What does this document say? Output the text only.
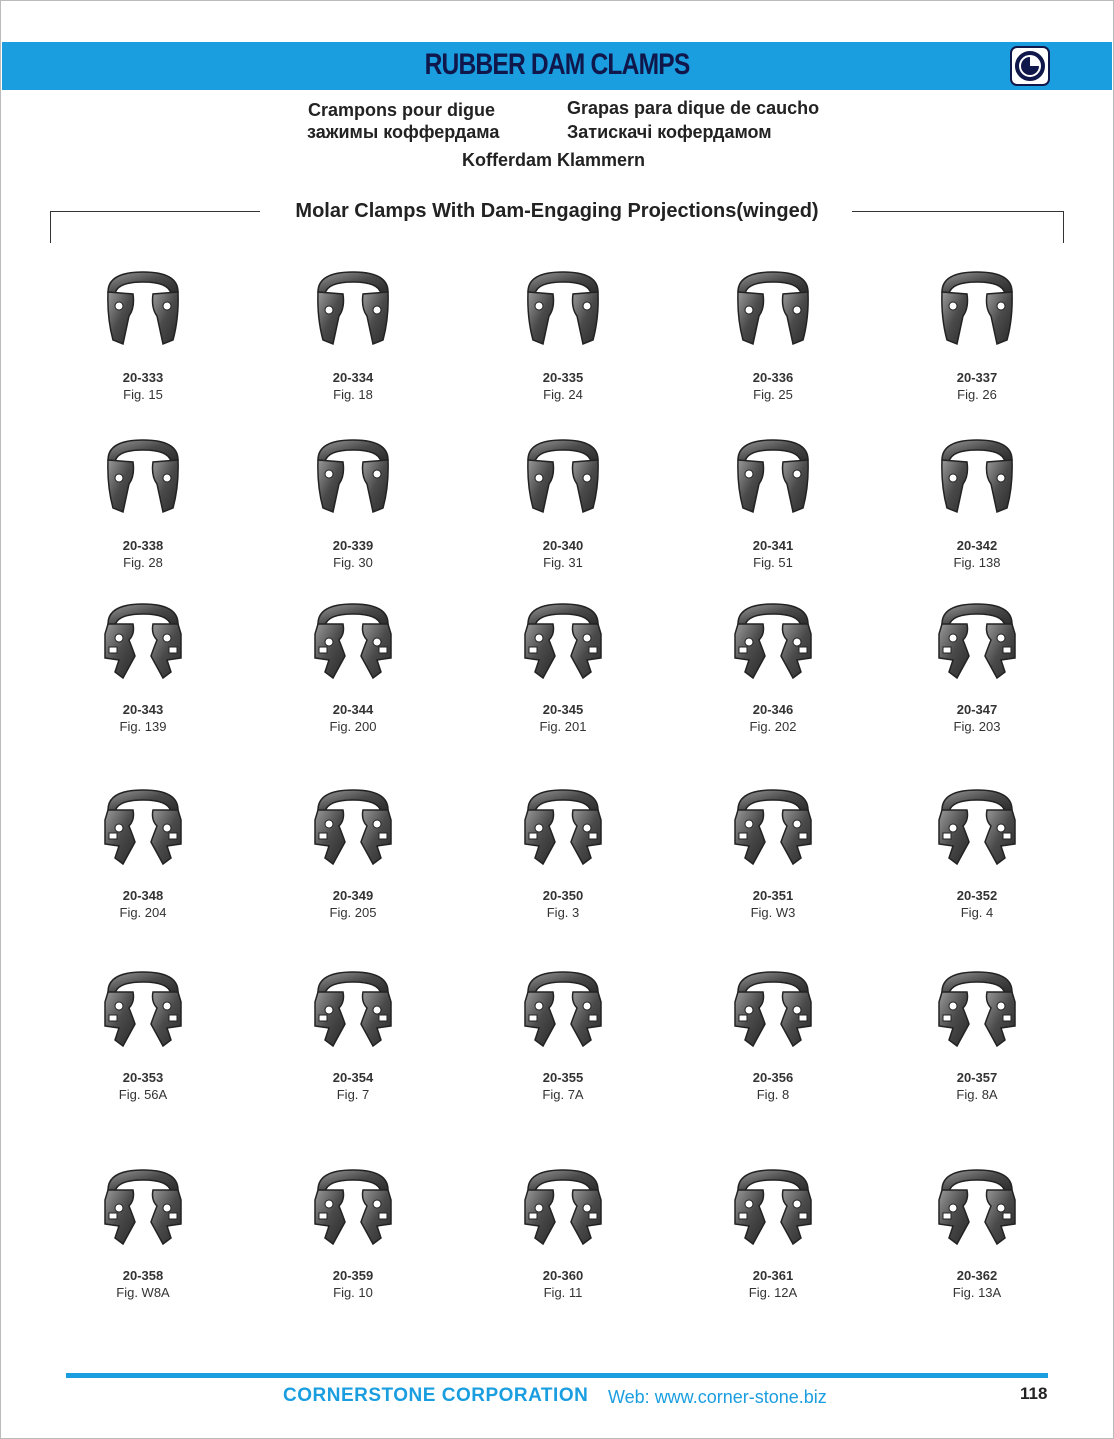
RUBBER DAM CLAMPS
Crampons pour digue	Grapas para dique de caucho
зажимы коффердама	Затискачі кофердамом
Kofferdam Klammern
Molar Clamps With Dam-Engaging Projections(winged)
20-333
Fig. 15
20-334
Fig. 18
20-335
Fig. 24
20-336
Fig. 25
20-337
Fig. 26
20-338
Fig. 28
20-339
Fig. 30
20-340
Fig. 31
20-341
Fig. 51
20-342
Fig. 138
20-343
Fig. 139
20-344
Fig. 200
20-345
Fig. 201
20-346
Fig. 202
20-347
Fig. 203
20-348
Fig. 204
20-349
Fig. 205
20-350
Fig. 3
20-351
Fig. W3
20-352
Fig. 4
20-353
Fig. 56A
20-354
Fig. 7
20-355
Fig. 7A
20-356
Fig. 8
20-357
Fig. 8A
20-358
Fig. W8A
20-359
Fig. 10
20-360
Fig. 11
20-361
Fig. 12A
20-362
Fig. 13A
CORNERSTONE CORPORATION Web: www.corner-stone.biz	118
